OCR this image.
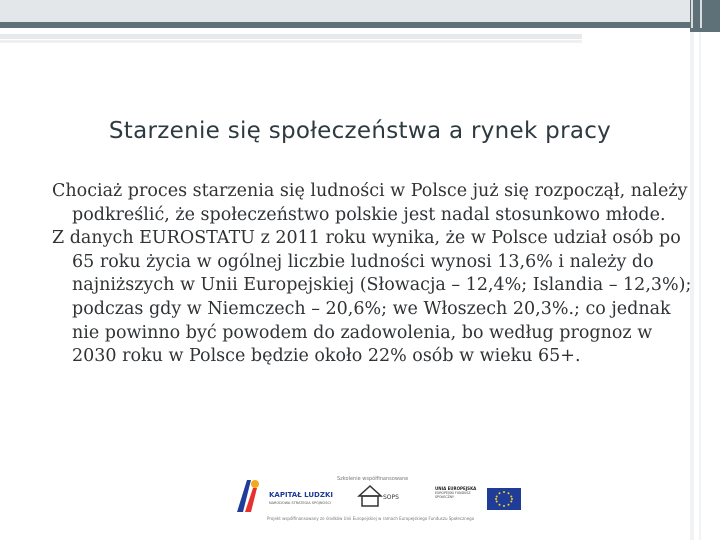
Starzenie się społeczeństwa a rynek pracy

Chociaż proces starzenia się ludności w Polsce już się rozpoczął, należy podkreślić, że społeczeństwo polskie jest nadal stosunkowo młode.

Z danych EUROSTATU z 2011 roku wynika, że w Polsce udział osób po 65 roku życia w ogólnej liczbie ludności wynosi 13,6% i należy do najniższych w Unii Europejskiej (Słowacja – 12,4%; Islandia – 12,3%); podczas gdy w Niemczech – 20,6%; we Włoszech 20,3%.; co jednak nie powinno być powodem do zadowolenia, bo według prognoz w 2030 roku w Polsce będzie około 22% osób w wieku 65+.

Szkolenie współfinansowane
KAPITAŁ LUDZKI
NARODOWA STRATEGIA SPÓJNOŚCI
SOPS
UNIA EUROPEJSKA
EUROPEJSKI FUNDUSZ SPOŁECZNY
Projekt współfinansowany ze środków Unii Europejskiej w ramach Europejskiego Funduszu Społecznego
